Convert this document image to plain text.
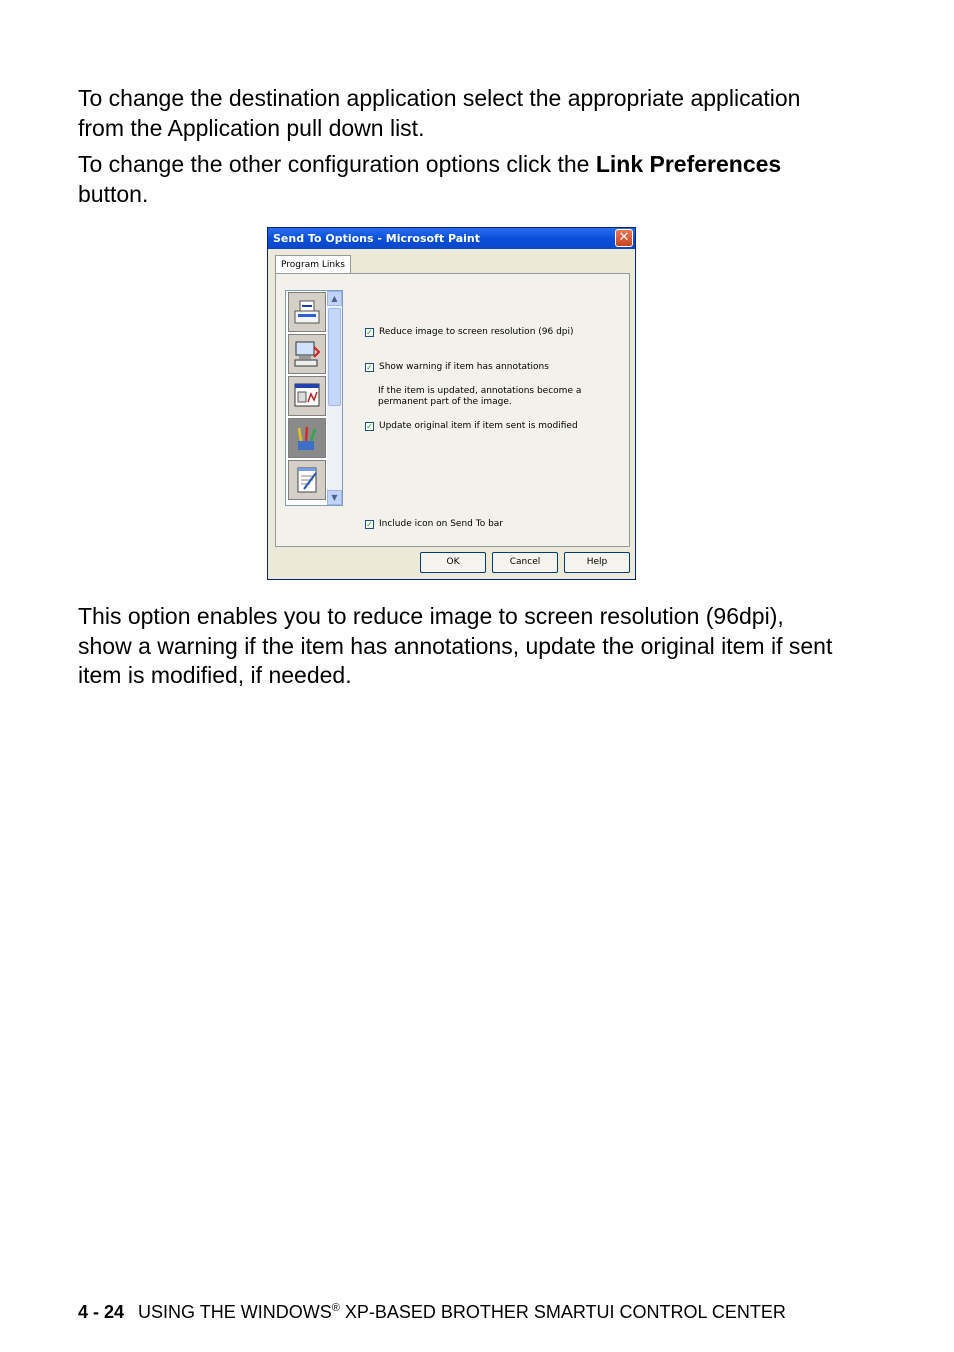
To change the destination application select the appropriate application from the Application pull down list.

To change the other configuration options click the Link Preferences button.

Send To Options - Microsoft Paint	✕
Program Links
▲
▼
✓ Reduce image to screen resolution (96 dpi)
✓ Show warning if item has annotations
If the item is updated, annotations become a permanent part of the image.
✓ Update original item if item sent is modified
✓ Include icon on Send To bar
OK	Cancel	Help

This option enables you to reduce image to screen resolution (96dpi), show a warning if the item has annotations, update the original item if sent item is modified, if needed.

4 - 24 USING THE WINDOWS® XP-BASED BROTHER SMARTUI CONTROL CENTER
